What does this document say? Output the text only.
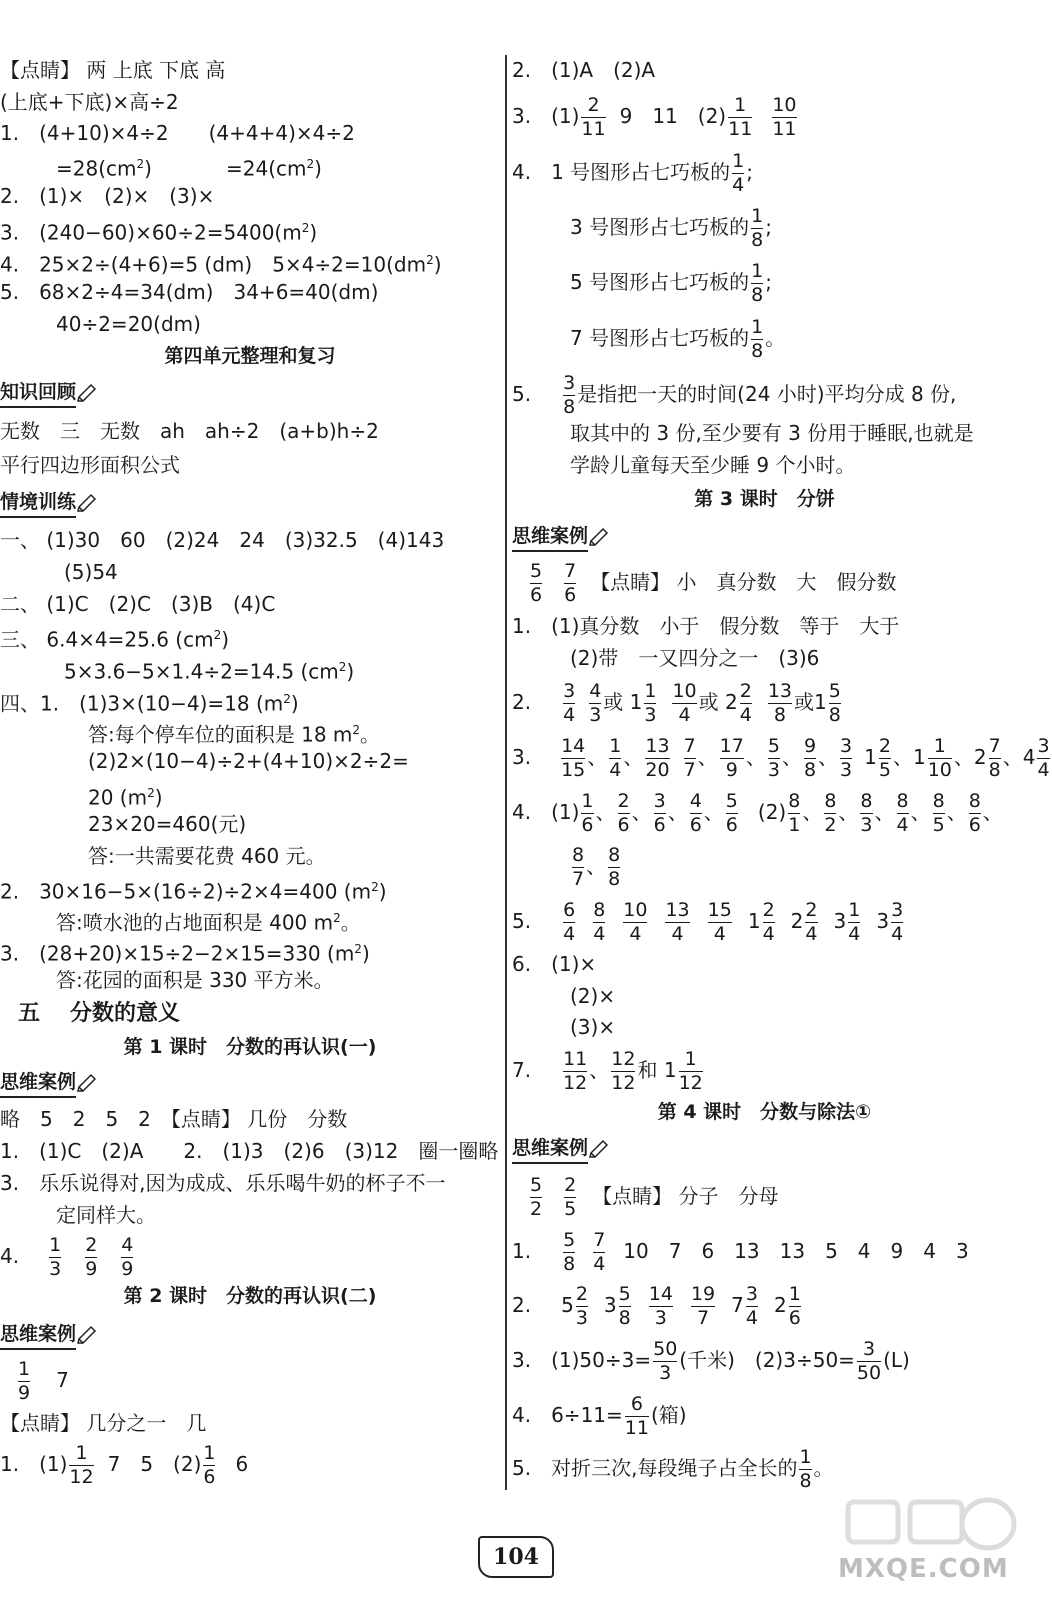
【点睛】 两 上底 下底 高
(上底+下底)×高÷2
1.　(4+10)×4÷2　　(4+4+4)×4÷2
$=28(cm^2)$	$=24(cm^2)$
2.　(1)×　(2)×　(3)×
3.　$(240-60)\times 60\div 2=5400(m^2)$
4.　25×2÷(4+6)=5 (dm)　$5\times 4\div 2=10(dm^2)$
5.　68×2÷4=34(dm)　34+6=40(dm)
40÷2=20(dm)
第四单元整理和复习
知识回顾
无数　三　无数　ah　ah÷2　(a+b)h÷2
平行四边形面积公式
情境训练
一、 (1)30　60　(2)24　24　(3)32.5　(4)143
(5)54
二、 (1)C　(2)C　(3)B　(4)C
三、 6.4×4=25.6 $(cm^2)$
5×3.6−5×1.4÷2=14.5 $(cm^2)$
四、1.　(1)3×(10−4)=18 $(m^2)$
答:每个停车位的面积是 18 $m^2$。
(2)2×(10−4)÷2+(4+10)×2÷2=
20 $(m^2)$
23×20=460(元)
答:一共需要花费 460 元。
2.　30×16−5×(16÷2)÷2×4=400 $(m^2)$
答:喷水池的占地面积是 400 $m^2$。
3.　(28+20)×15÷2−2×15=330 $(m^2)$
答:花园的面积是 330 平方米。
五 分数的意义
第 1 课时　分数的再认识(一)
思维案例
略　5　2　5　2　【点睛】 几份　分数
1.　(1)C　(2)A　　2.　(1)3　(2)6　(3)12　圈一圈略
3.　乐乐说得对,因为成成、乐乐喝牛奶的杯子不一
定同样大。
4. $\frac{1}{3} \frac{2}{9} \frac{4}{9}$
第 2 课时　分数的再认识(二)
思维案例
$\frac{1}{9} 7$
【点睛】 几分之一　几
1.　$(1) \frac{1}{12} 7$　5　$(2) \frac{1}{6} 6$
2.　(1)A　(2)A
3.　$(1) \frac{2}{11} 9$　11　$(2) \frac{1}{11} \frac{10}{11}$
4.　1 号图形占七巧板的 $\frac{1}{4}$ ;
3 号图形占七巧板的 $\frac{1}{8}$ ;
5 号图形占七巧板的 $\frac{1}{8}$ ;
7 号图形占七巧板的 $\frac{1}{8}$ 。
5. $\frac{3}{8}$ 是指把一天的时间(24 小时)平均分成 8 份,
取其中的 3 份,至少要有 3 份用于睡眠,也就是
学龄儿童每天至少睡 9 个小时。
第 3 课时　分饼
思维案例
$\frac{5}{6} \frac{7}{6}$ 【点睛】 小　真分数　大　假分数
1.　(1)真分数　小于　假分数　等于　大于
(2)带　一又四分之一　(3)6
2. $\frac{3}{4} \frac{4}{3}$ 或 $1 \frac{1}{3} \frac{10}{4}$ 或 $2 \frac{2}{4} \frac{13}{8}$ 或$1 \frac{5}{8}$
3. $\frac{14}{15}$ 、 $\frac{1}{4}$ 、 $\frac{13}{20} \frac{7}{7}$ 、 $\frac{17}{9}$ 、 $\frac{5}{3}$ 、 $\frac{9}{8}$ 、 $\frac{3}{3} 1 \frac{2}{5}$ 、$1 \frac{1}{10}$ 、$2 \frac{7}{8}$ 、$4 \frac{3}{4}$
4.　$(1) \frac{1}{6}$ 、 $\frac{2}{6}$ 、 $\frac{3}{6}$ 、 $\frac{4}{6}$ 、 $\frac{5}{6} (2) \frac{8}{1}$ 、 $\frac{8}{2}$ 、 $\frac{8}{3}$ 、 $\frac{8}{4}$ 、 $\frac{8}{5}$ 、 $\frac{8}{6}$ 、
$\frac{8}{7}$ 、 $\frac{8}{8}$
5. $\frac{6}{4} \frac{8}{4} \frac{10}{4} \frac{13}{4} \frac{15}{4} 1 \frac{2}{4} 2 \frac{2}{4} 3 \frac{1}{4} 3 \frac{3}{4}$
6.　(1)×
(2)×
(3)×
7. $\frac{11}{12}$ 、 $\frac{12}{12}$ 和 $1 \frac{1}{12}$
第 4 课时　分数与除法①
思维案例
$\frac{5}{2} \frac{2}{5}$ 【点睛】 分子　分母
1. $\frac{5}{8} \frac{7}{4} 10$　7　6　13　13　5　4　9　4　3
2. $5 \frac{2}{3} 3 \frac{5}{8} \frac{14}{3} \frac{19}{7} 7 \frac{3}{4} 2 \frac{1}{6}$
3.　$(1)50\div 3= \frac{50}{3}$ (千米)　$(2)3\div 50= \frac{3}{50} (L)$
4.　$6\div 11= \frac{6}{11}$ (箱)
5.　对折三次,每段绳子占全长的 $\frac{1}{8}$ 。
104	MXQE.COM
